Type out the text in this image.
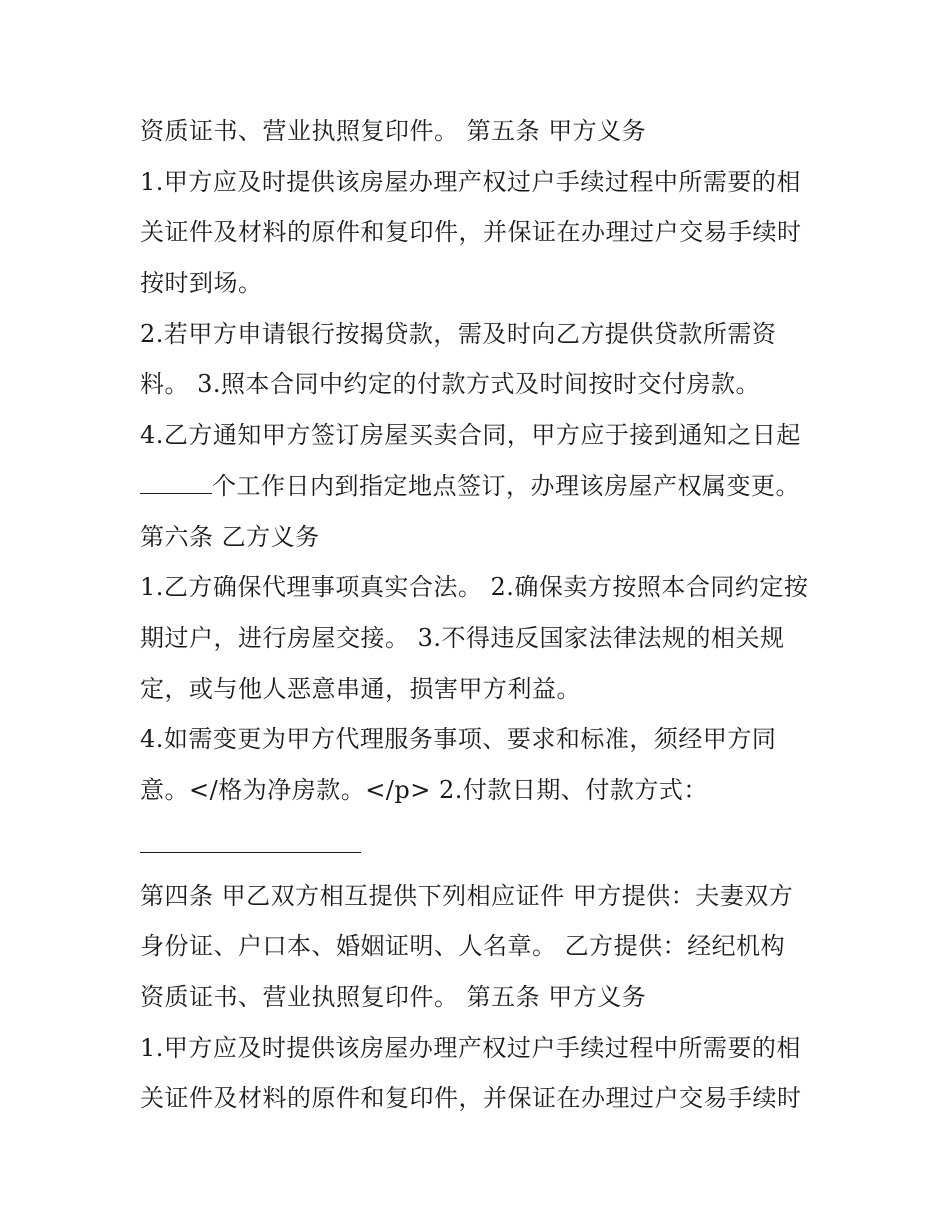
资质证书、营业执照复印件。 第五条 甲方义务

1.甲方应及时提供该房屋办理产权过户手续过程中所需要的相

关证件及材料的原件和复印件，并保证在办理过户交易手续时

按时到场。

2.若甲方申请银行按揭贷款，需及时向乙方提供贷款所需资

料。 3.照本合同中约定的付款方式及时间按时交付房款。

4.乙方通知甲方签订房屋买卖合同，甲方应于接到通知之日起

个工作日内到指定地点签订，办理该房屋产权属变更。

第六条 乙方义务

1.乙方确保代理事项真实合法。 2.确保卖方按照本合同约定按

期过户，进行房屋交接。 3.不得违反国家法律法规的相关规

定，或与他人恶意串通，损害甲方利益。

4.如需变更为甲方代理服务事项、要求和标准，须经甲方同

意。</格为净房款。</p> 2.付款日期、付款方式：

第四条 甲乙双方相互提供下列相应证件 甲方提供：夫妻双方

身份证、户口本、婚姻证明、人名章。 乙方提供：经纪机构

资质证书、营业执照复印件。 第五条 甲方义务

1.甲方应及时提供该房屋办理产权过户手续过程中所需要的相

关证件及材料的原件和复印件，并保证在办理过户交易手续时
